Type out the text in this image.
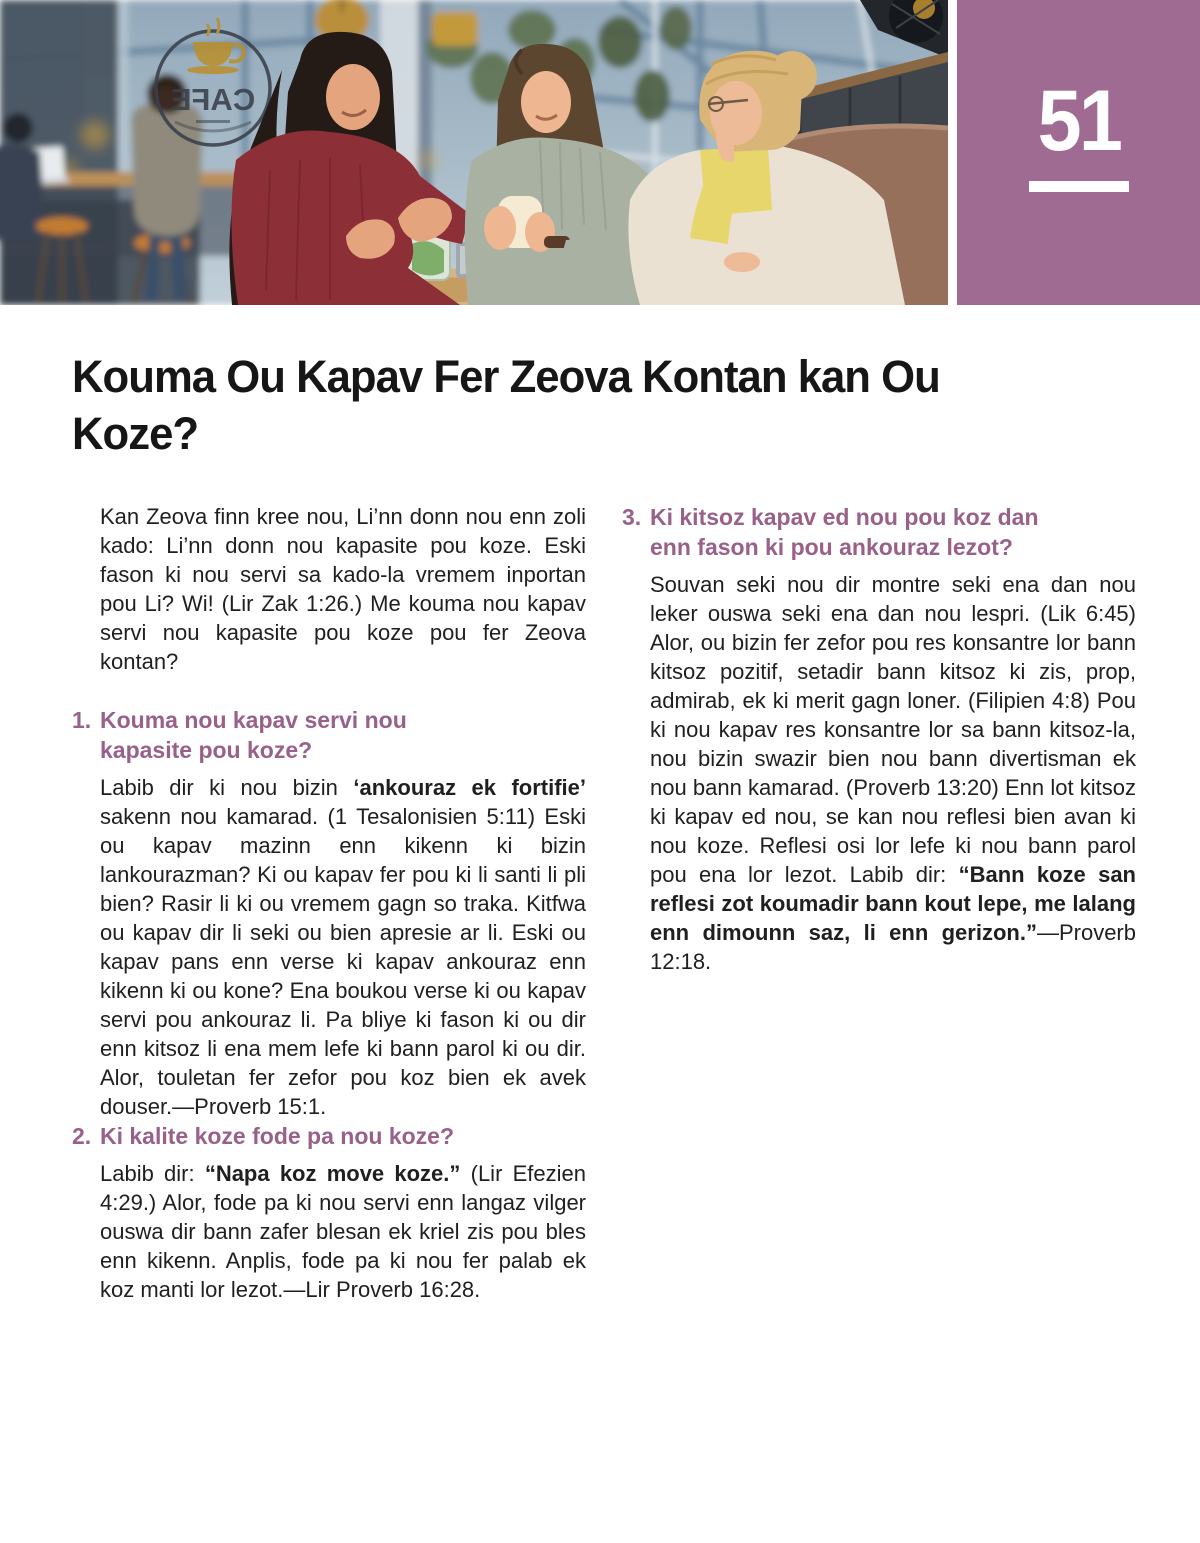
CAFE	51
Kouma Ou Kapav Fer Zeova Kontan kan Ou Koze?

Kan Zeova finn kree nou, Li’nn donn nou enn zoli kado: Li’nn donn nou kapasite pou koze. Eski fason ki nou servi sa kado-la vremem inportan pou Li? Wi! (Lir Zak 1:26.) Me kouma nou kapav servi nou kapasite pou koze pou fer Zeova kontan?

1. Kouma nou kapav servi nou kapasite pou koze?

Labib dir ki nou bizin ‘ankouraz ek fortifie’ sakenn nou kamarad. (1 Tesalonisien 5:11) Eski ou kapav mazinn enn kikenn ki bizin lankourazman? Ki ou kapav fer pou ki li santi li pli bien? Rasir li ki ou vremem gagn so traka. Kitfwa ou kapav dir li seki ou bien apresie ar li. Eski ou kapav pans enn verse ki kapav ankouraz enn kikenn ki ou kone? Ena boukou verse ki ou kapav servi pou ankouraz li. Pa bliye ki fason ki ou dir enn kitsoz li ena mem lefe ki bann parol ki ou dir. Alor, touletan fer zefor pou koz bien ek avek douser.—Proverb 15:1.

2. Ki kalite koze fode pa nou koze?

Labib dir: “Napa koz move koze.” (Lir Efezien 4:29.) Alor, fode pa ki nou servi enn langaz vilger ouswa dir bann zafer blesan ek kriel zis pou bles enn kikenn. Anplis, fode pa ki nou fer palab ek koz manti lor lezot.—Lir Proverb 16:28.

3. Ki kitsoz kapav ed nou pou koz dan enn fason ki pou ankouraz lezot?

Souvan seki nou dir montre seki ena dan nou leker ouswa seki ena dan nou lespri. (Lik 6:45) Alor, ou bizin fer zefor pou res konsantre lor bann kitsoz pozitif, setadir bann kitsoz ki zis, prop, admirab, ek ki merit gagn loner. (Filipien 4:8) Pou ki nou kapav res konsantre lor sa bann kitsoz-la, nou bizin swazir bien nou bann divertisman ek nou bann kamarad. (Proverb 13:20) Enn lot kitsoz ki kapav ed nou, se kan nou reflesi bien avan ki nou koze. Reflesi osi lor lefe ki nou bann parol pou ena lor lezot. Labib dir: “Bann koze san reflesi zot koumadir bann kout lepe, me lalang enn dimounn saz, li enn gerizon.”—Proverb 12:18.
